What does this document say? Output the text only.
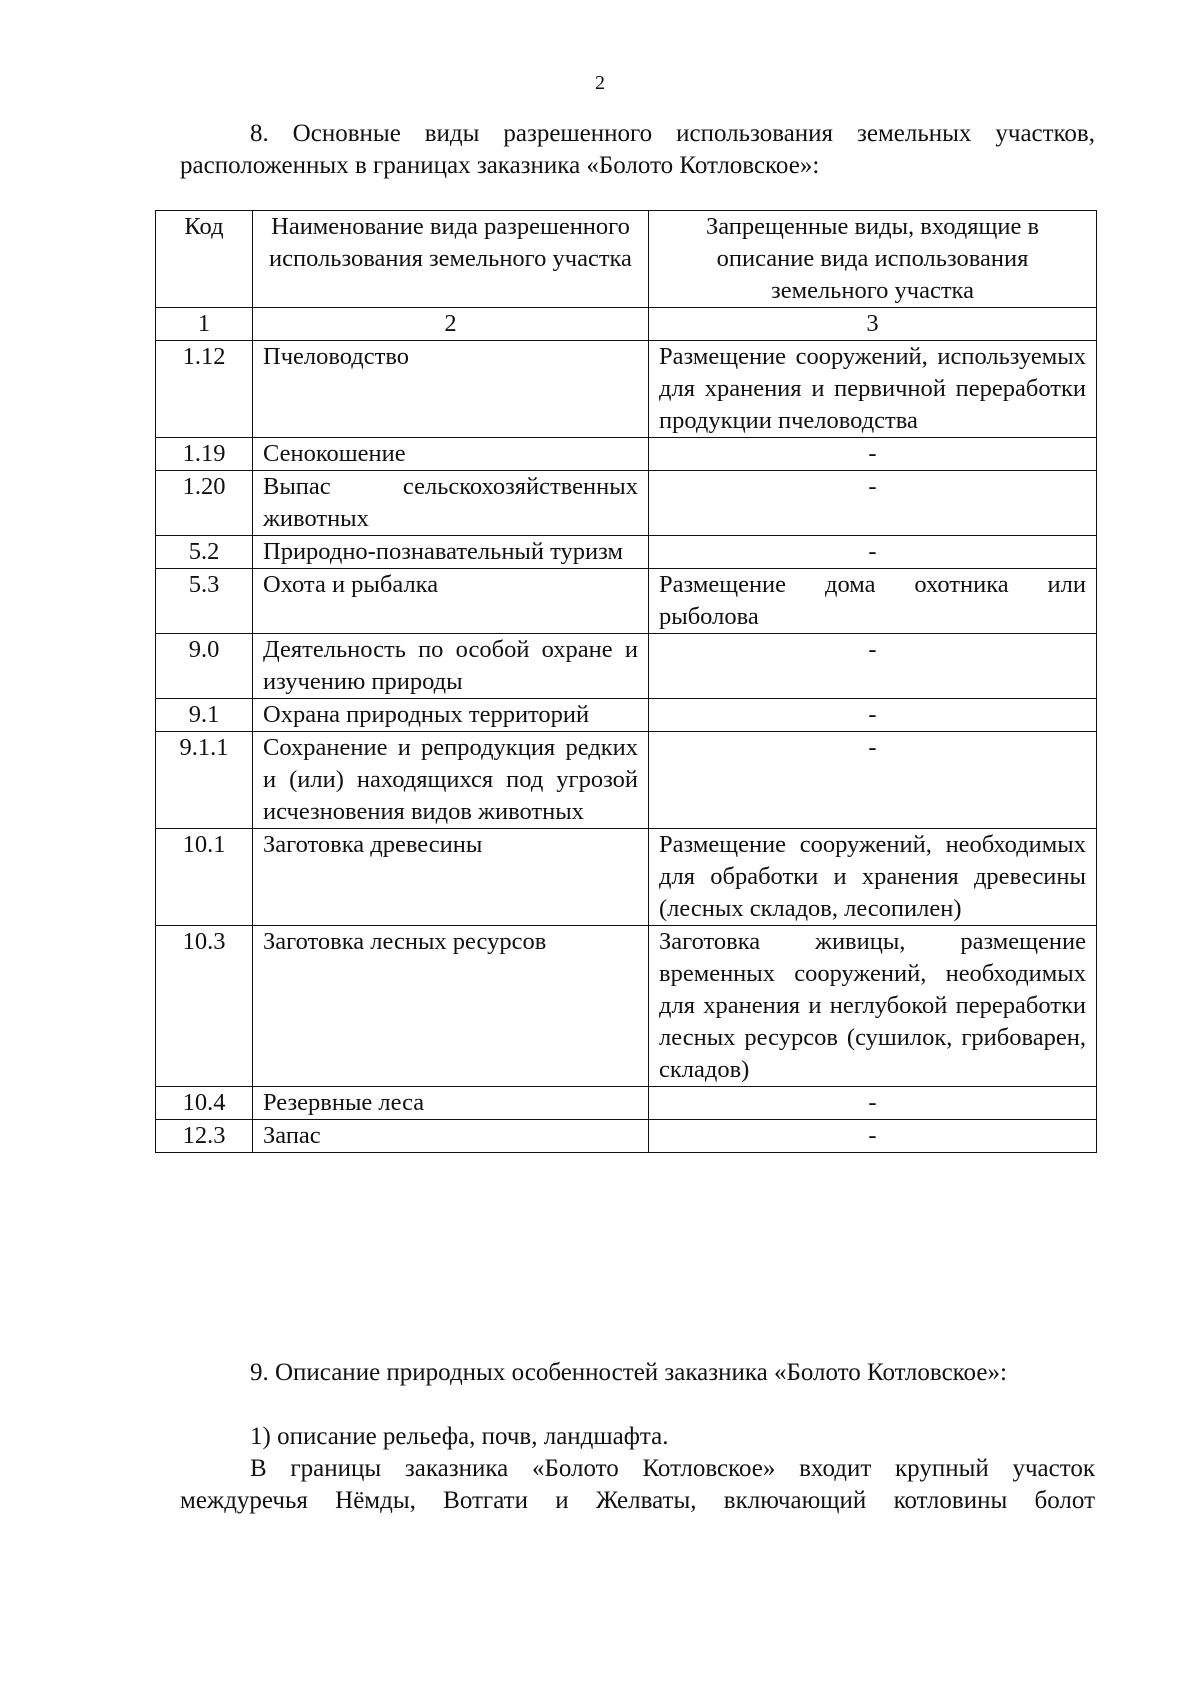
2

8. Основные виды разрешенного использования земельных участков, расположенных в границах заказника «Болото Котловское»:

Код	Наименование вида разрешенного использования земельного участка	Запрещенные виды, входящие в описание вида использования земельного участка
1	2	3
1.12	Пчеловодство	Размещение сооружений, используемых для хранения и первичной переработки продукции пчеловодства
1.19	Сенокошение	-
1.20	Выпас сельскохозяйственных животных	-
5.2	Природно-познавательный туризм	-
5.3	Охота и рыбалка	Размещение дома охотника или рыболова
9.0	Деятельность по особой охране и изучению природы	-
9.1	Охрана природных территорий	-
9.1.1	Сохранение и репродукция редких и (или) находящихся под угрозой исчезновения видов животных	-
10.1	Заготовка древесины	Размещение сооружений, необходимых для обработки и хранения древесины (лесных складов, лесопилен)
10.3	Заготовка лесных ресурсов	Заготовка живицы, размещение временных сооружений, необходимых для хранения и неглубокой переработки лесных ресурсов (сушилок, грибоварен, складов)
10.4	Резервные леса	-
12.3	Запас	-

9. Описание природных особенностей заказника «Болото Котловское»:

1) описание рельефа, почв, ландшафта.

В границы заказника «Болото Котловское» входит крупный участок междуречья Нёмды, Вотгати и Желваты, включающий котловины болот
